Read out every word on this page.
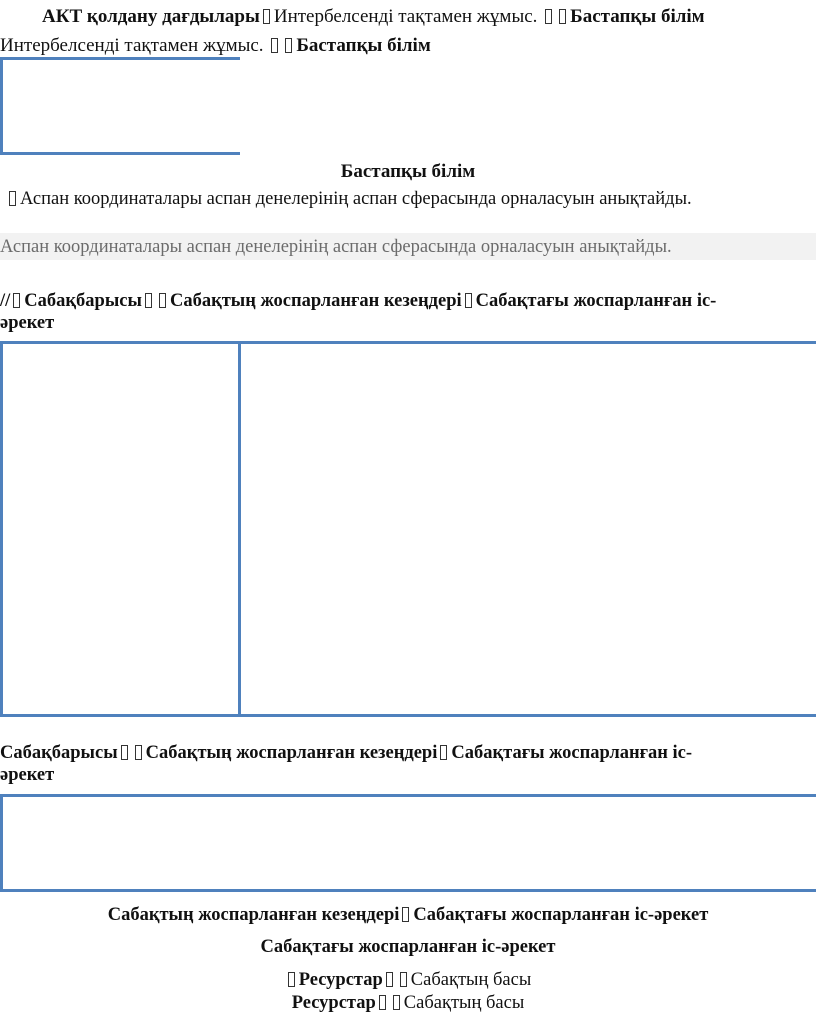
АКТ қолдану дағдылары Интербелсенді тақтамен жұмыс. Бастапқы білім
Интербелсенді тақтамен жұмыс. Бастапқы білім
Бастапқы білім
Аспан координаталары аспан денелерінің аспан сферасында орналасуын анықтайды.
Аспан координаталары аспан денелерінің аспан сферасында орналасуын анықтайды.
// Сабақбарысы Сабақтың жоспарланған кезеңдері Сабақтағы жоспарланған іс-
әрекет
Сабақбарысы Сабақтың жоспарланған кезеңдері Сабақтағы жоспарланған іс-
әрекет
Сабақтың жоспарланған кезеңдері Сабақтағы жоспарланған іс-әрекет
Сабақтағы жоспарланған іс-әрекет
Ресурстар Сабақтың басы
Ресурстар Сабақтың басы
